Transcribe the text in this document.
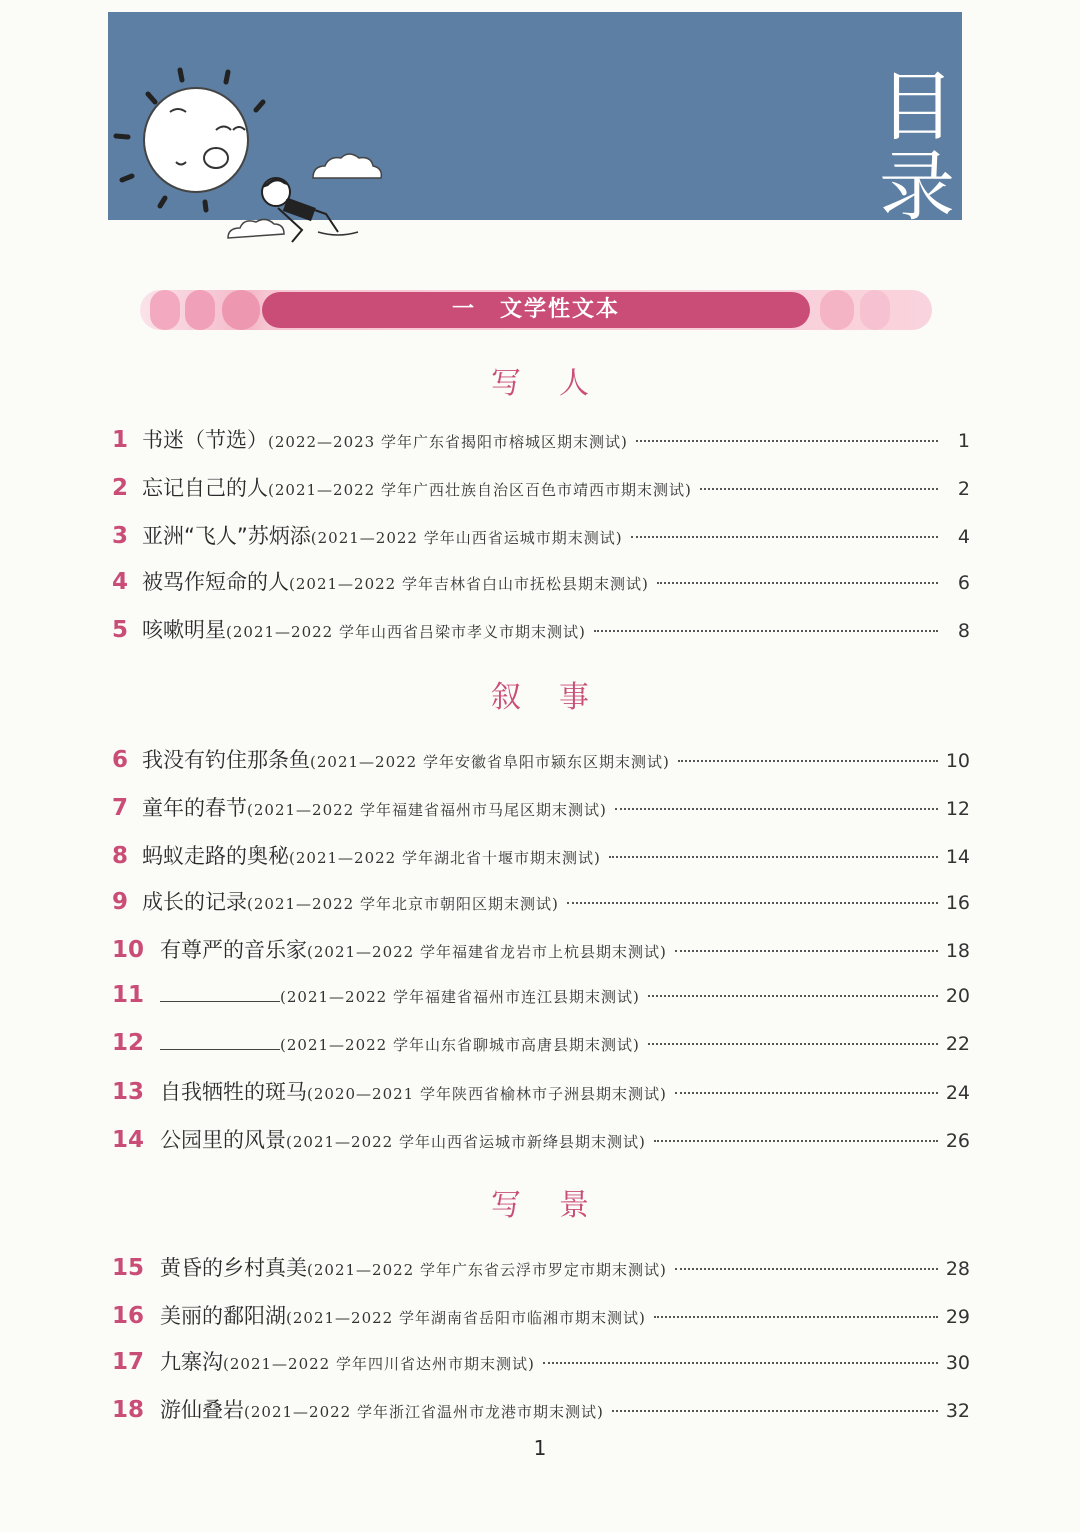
目
录
一　文学性文本
写人
1 书迷（节选） (2022—2023 学年广东省揭阳市榕城区期末测试)	1
2 忘记自己的人 (2021—2022 学年广西壮族自治区百色市靖西市期末测试)	2
3 亚洲“飞人”苏炳添 (2021—2022 学年山西省运城市期末测试)	4
4 被骂作短命的人 (2021—2022 学年吉林省白山市抚松县期末测试)	6
5 咳嗽明星 (2021—2022 学年山西省吕梁市孝义市期末测试)	8
叙事
6 我没有钓住那条鱼 (2021—2022 学年安徽省阜阳市颍东区期末测试)	10
7 童年的春节 (2021—2022 学年福建省福州市马尾区期末测试)	12
8 蚂蚁走路的奥秘 (2021—2022 学年湖北省十堰市期末测试)	14
9 成长的记录 (2021—2022 学年北京市朝阳区期末测试)	16
10 有尊严的音乐家 (2021—2022 学年福建省龙岩市上杭县期末测试)	18
11	(2021—2022 学年福建省福州市连江县期末测试)	20
12	(2021—2022 学年山东省聊城市高唐县期末测试)	22
13 自我牺牲的斑马 (2020—2021 学年陕西省榆林市子洲县期末测试)	24
14 公园里的风景 (2021—2022 学年山西省运城市新绛县期末测试)	26
写景
15 黄昏的乡村真美 (2021—2022 学年广东省云浮市罗定市期末测试)	28
16 美丽的鄱阳湖 (2021—2022 学年湖南省岳阳市临湘市期末测试)	29
17 九寨沟 (2021—2022 学年四川省达州市期末测试)	30
18 游仙叠岩 (2021—2022 学年浙江省温州市龙港市期末测试)	32
1
